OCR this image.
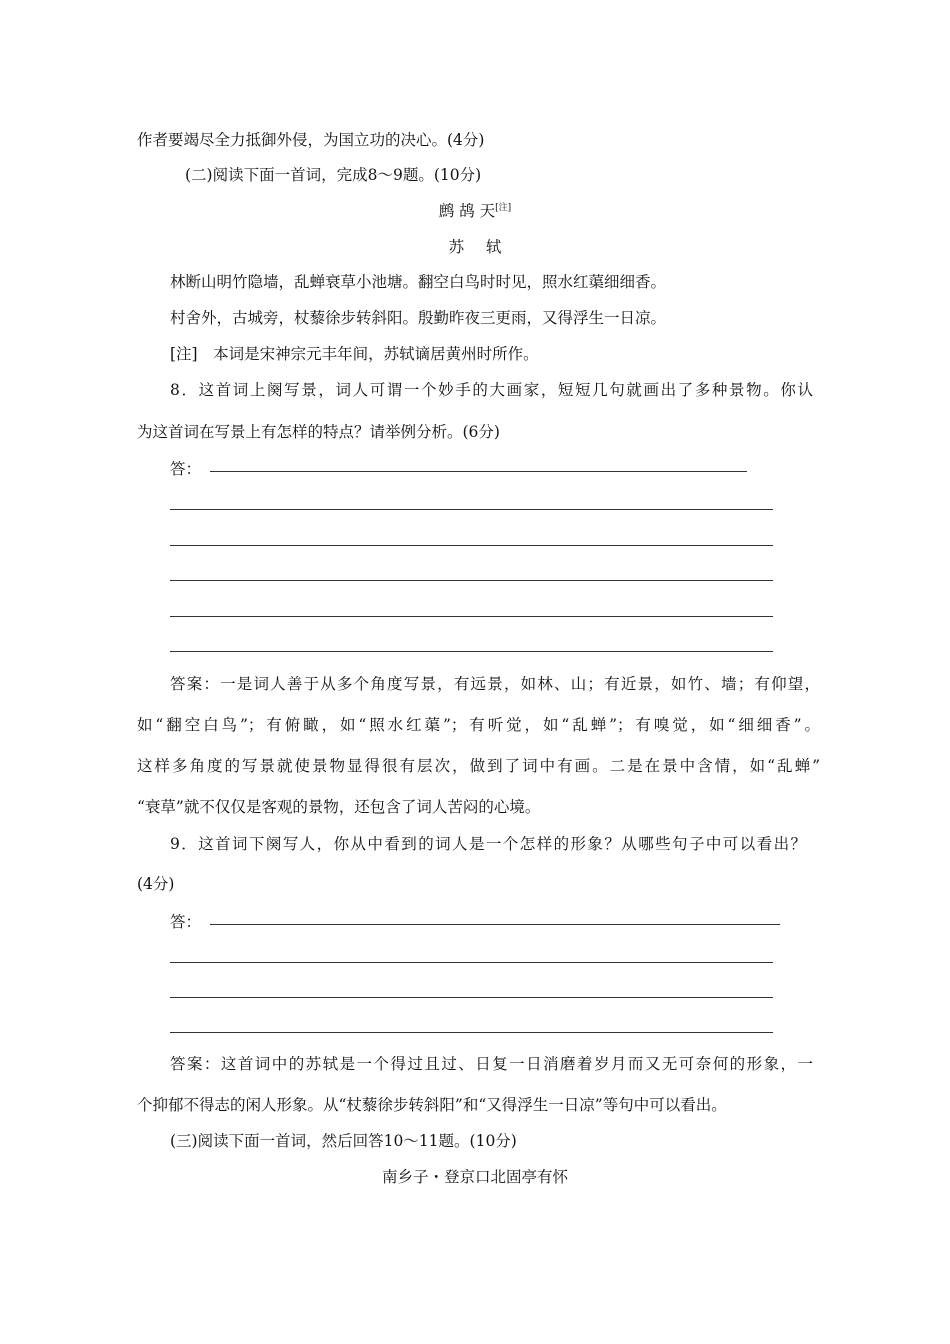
作者要竭尽全力抵御外侵，为国立功的决心。(4分)
(二)阅读下面一首词，完成8～9题。(10分)
鹧 鸪 天[注]
苏轼
林断山明竹隐墙，乱蝉衰草小池塘。翻空白鸟时时见，照水红蕖细细香。
村舍外，古城旁，杖藜徐步转斜阳。殷勤昨夜三更雨，又得浮生一日凉。
[注]　本词是宋神宗元丰年间，苏轼谪居黄州时所作。
8．这首词上阕写景，词人可谓一个妙手的大画家，短短几句就画出了多种景物。你认
为这首词在写景上有怎样的特点？请举例分析。(6分)
答：
答案：一是词人善于从多个角度写景，有远景，如林、山；有近景，如竹、墙；有仰望，
如“翻空白鸟”；有俯瞰，如“照水红蕖”；有听觉，如“乱蝉”；有嗅觉，如“细细香”。
这样多角度的写景就使景物显得很有层次，做到了词中有画。二是在景中含情，如“乱蝉”
“衰草”就不仅仅是客观的景物，还包含了词人苦闷的心境。
9．这首词下阕写人，你从中看到的词人是一个怎样的形象？从哪些句子中可以看出？
(4分)
答：
答案：这首词中的苏轼是一个得过且过、日复一日消磨着岁月而又无可奈何的形象，一
个抑郁不得志的闲人形象。从“杖藜徐步转斜阳”和“又得浮生一日凉”等句中可以看出。
(三)阅读下面一首词，然后回答10～11题。(10分)
南乡子・登京口北固亭有怀
